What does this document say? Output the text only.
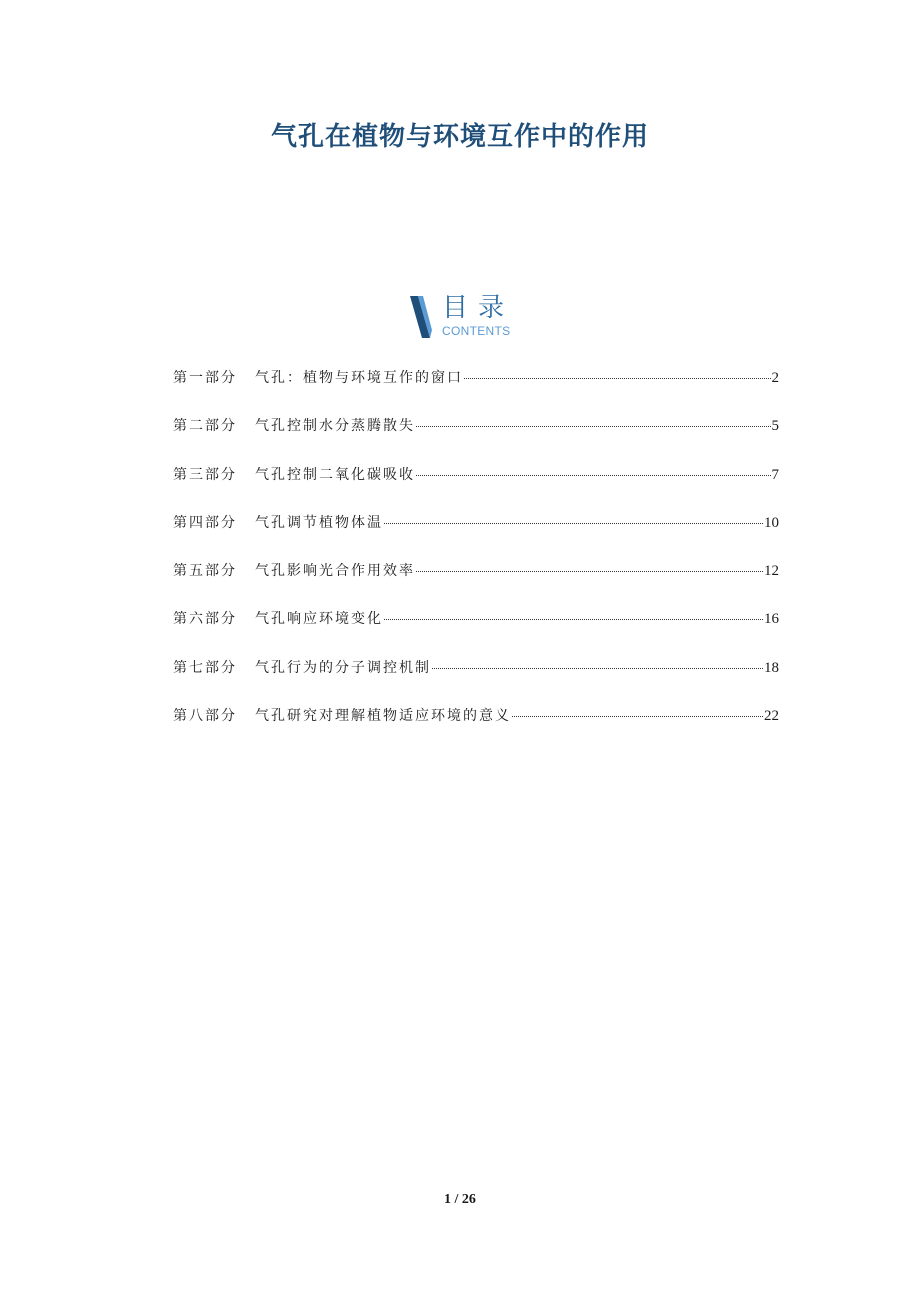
气孔在植物与环境互作中的作用
目录
CONTENTS
第一部分	气孔：植物与环境互作的窗口	2
第二部分	气孔控制水分蒸腾散失	5
第三部分	气孔控制二氧化碳吸收	7
第四部分	气孔调节植物体温	10
第五部分	气孔影响光合作用效率	12
第六部分	气孔响应环境变化	16
第七部分	气孔行为的分子调控机制	18
第八部分	气孔研究对理解植物适应环境的意义	22
1 / 26
